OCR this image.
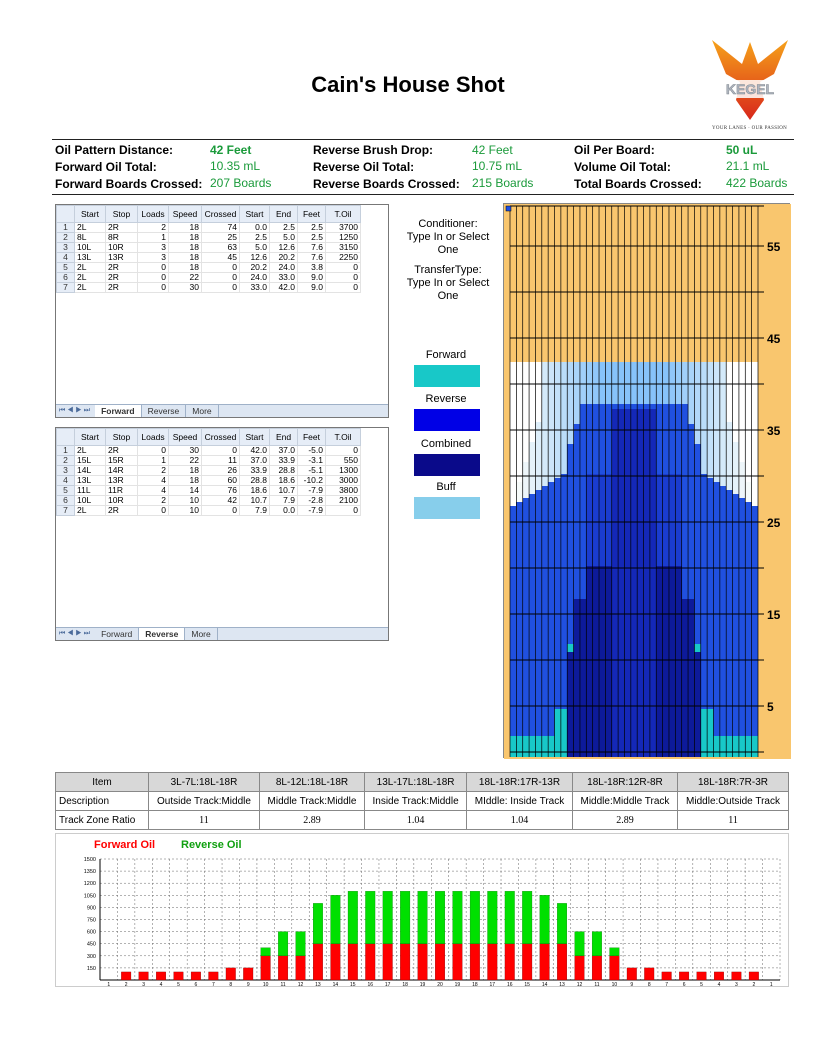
Cain's House Shot	KEGEL
YOUR LANES · OUR PASSION
Oil Pattern Distance:	42 Feet
Forward Oil Total:	10.35 mL
Forward Boards Crossed: 207 Boards
Reverse Brush Drop:	42 Feet
Reverse Oil Total:	10.75 mL
Reverse Boards Crossed: 215 Boards
Oil Per Board:	50 uL
Volume Oil Total:	21.1 mL
Total Boards Crossed: 422 Boards
	Start	Stop	Loads	Speed	Crossed	Start	End	Feet	T.Oil
1	2L	2R	2	18	74	0.0	2.5	2.5	3700
2	8L	8R	1	18	25	2.5	5.0	2.5	1250
3	10L	10R	3	18	63	5.0	12.6	7.6	3150
4	13L	13R	3	18	45	12.6	20.2	7.6	2250
5	2L	2R	0	18	0	20.2	24.0	3.8	0
6	2L	2R	0	22	0	24.0	33.0	9.0	0
7	2L	2R	0	30	0	33.0	42.0	9.0	0
⏮◀▶⏭	Forward	Reverse	More
	Start	Stop	Loads	Speed	Crossed	Start	End	Feet	T.Oil
1	2L	2R	0	30	0	42.0	37.0	-5.0	0
2	15L	15R	1	22	11	37.0	33.9	-3.1	550
3	14L	14R	2	18	26	33.9	28.8	-5.1	1300
4	13L	13R	4	18	60	28.8	18.6	-10.2	3000
5	11L	11R	4	14	76	18.6	10.7	-7.9	3800
6	10L	10R	2	10	42	10.7	7.9	-2.8	2100
7	2L	2R	0	10	0	7.9	0.0	-7.9	0
⏮◀▶⏭	Forward	Reverse	More
Conditioner:
Type In or Select
One
TransferType:
Type In or Select
One
Forward
Reverse
Combined
Buff
55
45
35
25
15
5
Item	3L-7L:18L-18R	8L-12L:18L-18R	13L-17L:18L-18R	18L-18R:17R-13R	18L-18R:12R-8R	18L-18R:7R-3R
Description	Outside Track:Middle	Middle Track:Middle	Inside Track:Middle	MIddle: Inside Track	Middle:Middle Track	Middle:Outside Track
Track Zone Ratio	11	2.89	1.04	1.04	2.89	11
Forward Oil Reverse Oil
150
300
450
600
750
900
1050
1200
1350
1500
1	2	3	4	5	6	7	8	9	10 11 12 13 14 15 16 17 18 19 20 19 18 17 16 15 14 13 12 11 10	9	8	7	6	5	4	3	2	1
